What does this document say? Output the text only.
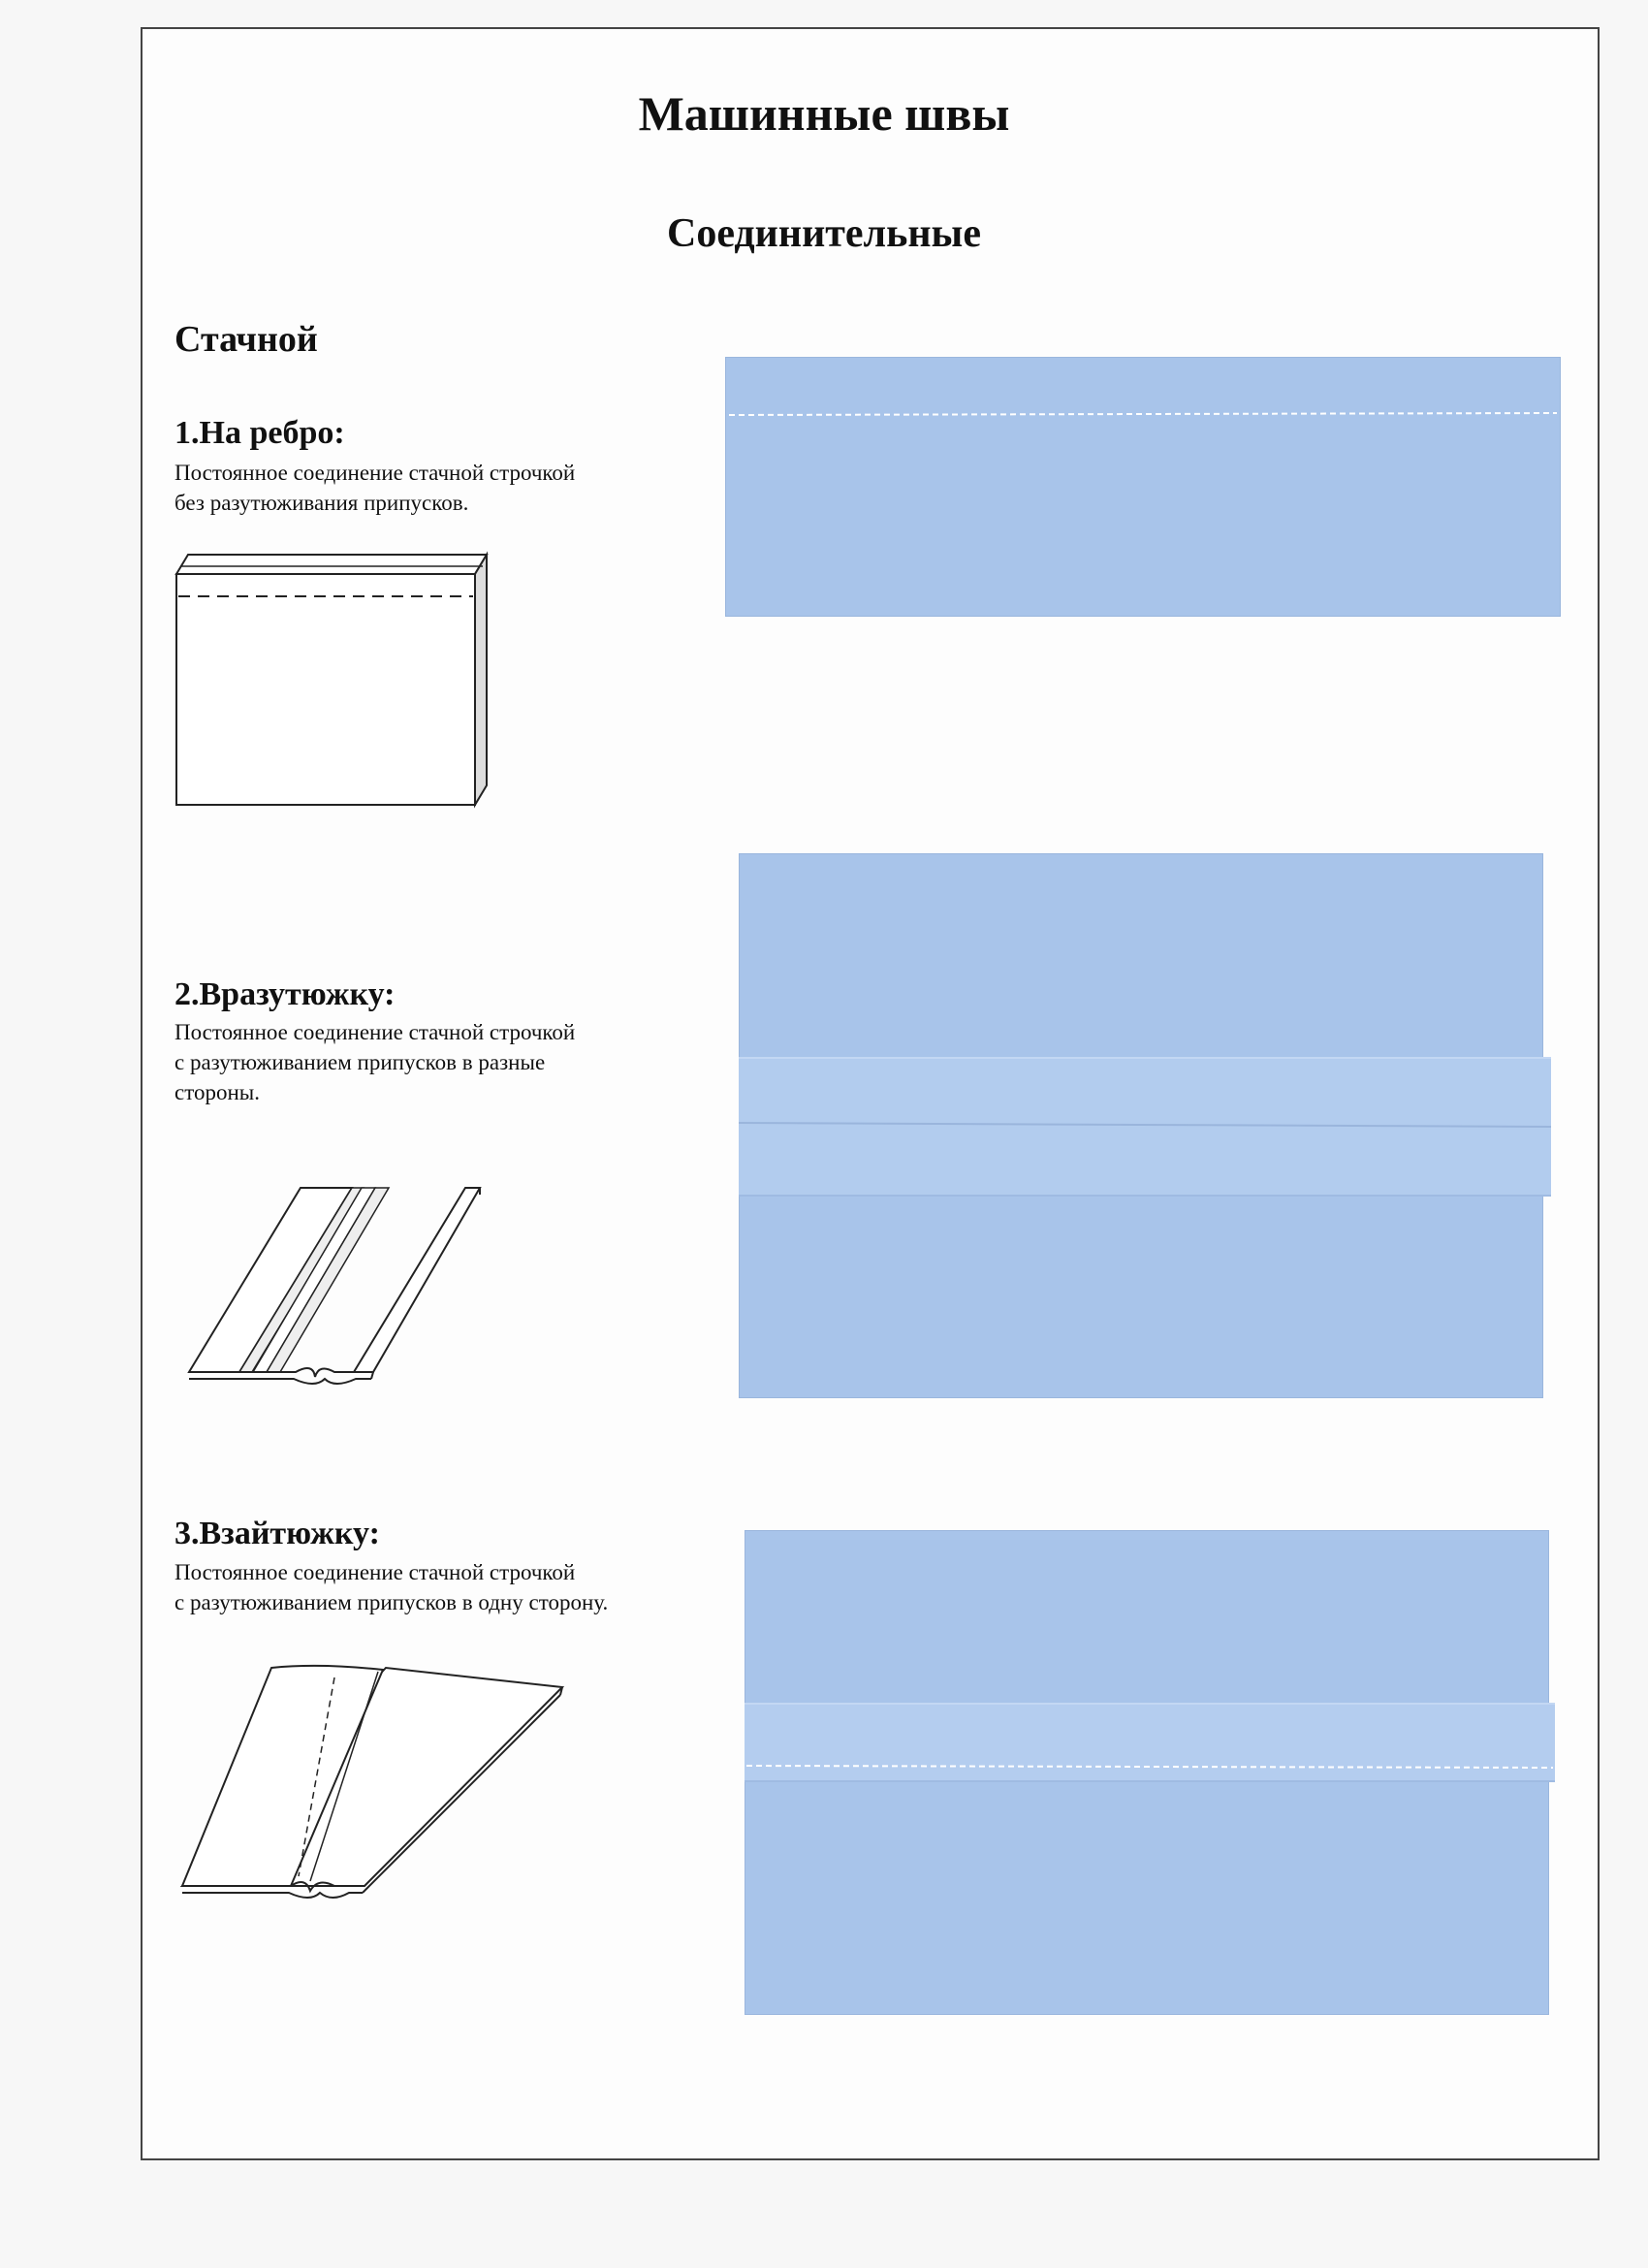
Машинные швы
Соединительные
Стачной
1.На ребро:
Постоянное соединение стачной строчкой
без разутюживания припусков.
2.Вразутюжку:
Постоянное соединение стачной строчкой
с разутюживанием припусков в разные
стороны.
3.Взайтюжку:
Постоянное соединение стачной строчкой
с разутюживанием припусков в одну сторону.
